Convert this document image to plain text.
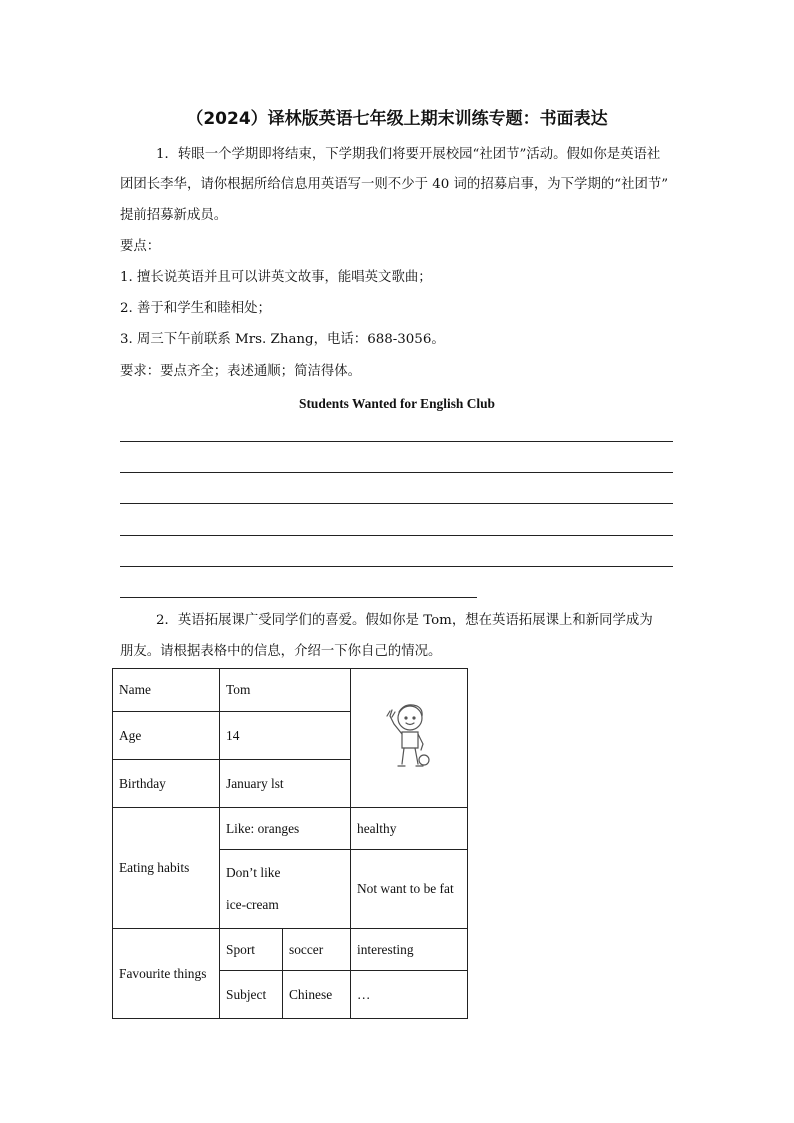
（2024）译林版英语七年级上期末训练专题：书面表达
1．转眼一个学期即将结束，下学期我们将要开展校园“社团节”活动。假如你是英语社
团团长李华，请你根据所给信息用英语写一则不少于 40 词的招募启事，为下学期的“社团节”
提前招募新成员。
要点：
1. 擅长说英语并且可以讲英文故事，能唱英文歌曲；
2. 善于和学生和睦相处；
3. 周三下午前联系 Mrs. Zhang，电话：688-3056。
要求：要点齐全；表述通顺；简洁得体。
Students Wanted for English Club
2．英语拓展课广受同学们的喜爱。假如你是 Tom，想在英语拓展课上和新同学成为
朋友。请根据表格中的信息，介绍一下你自己的情况。
Name	Tom	
Age	14		
Birthday	January lst		
Eating habits	Like: oranges		healthy
	Don’t like
ice-cream		Not want to be fat
Favourite things	Sport	soccer	interesting
	Subject	Chinese	…
